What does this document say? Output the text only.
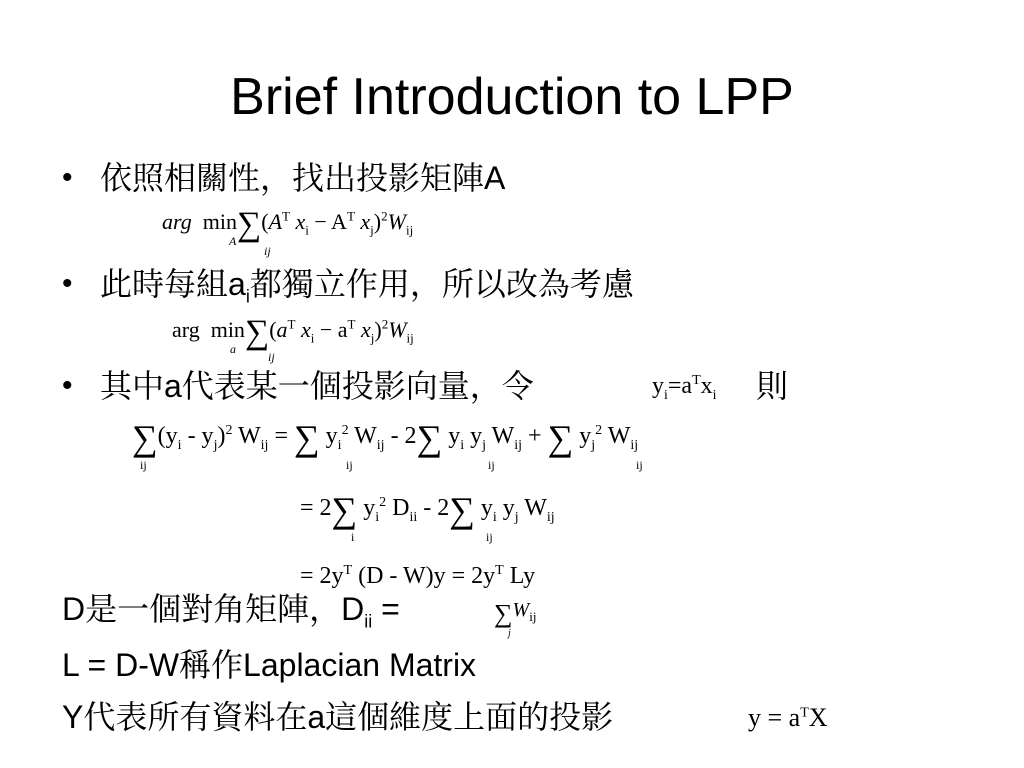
Brief Introduction to LPP
• 依照相關性，找出投影矩陣A
arg $\min\sum(A^T$ $x_i - A^T$ $x_j)^2W_{ij}$
A
ij
• 此時每組$a_i$都獨立作用，所以改為考慮
arg $\min\sum(a^T$ $x_i - a^T$ $x_j)^2W_{ij}$
a
ij
• 其中a代表某一個投影向量，令	$y_i=a^Tx_i$ 則
$\sum(y_i - y_j)^2$ $W_{ij}$ = ∑ $y_i^2$ $W_{ij} - 2\sum$ $y_i$ $y_j$ $W_{ij}$ + ∑ $y_j^2$ $W_{ij}$
ij	ij	ij	ij
= 2∑ $y_i^2$ $D_{ii} - 2\sum$ $y_i$ $y_j$ $W_{ij}$
i	ij
= $2y^T$ $(D - W)y = 2y^T$ Ly
D是一個對角矩陣，$D_{ii}$ =	$\sum W_{ij}$
j
L = D-W稱作Laplacian Matrix
Y代表所有資料在a這個維度上面的投影	$y = a^TX$
